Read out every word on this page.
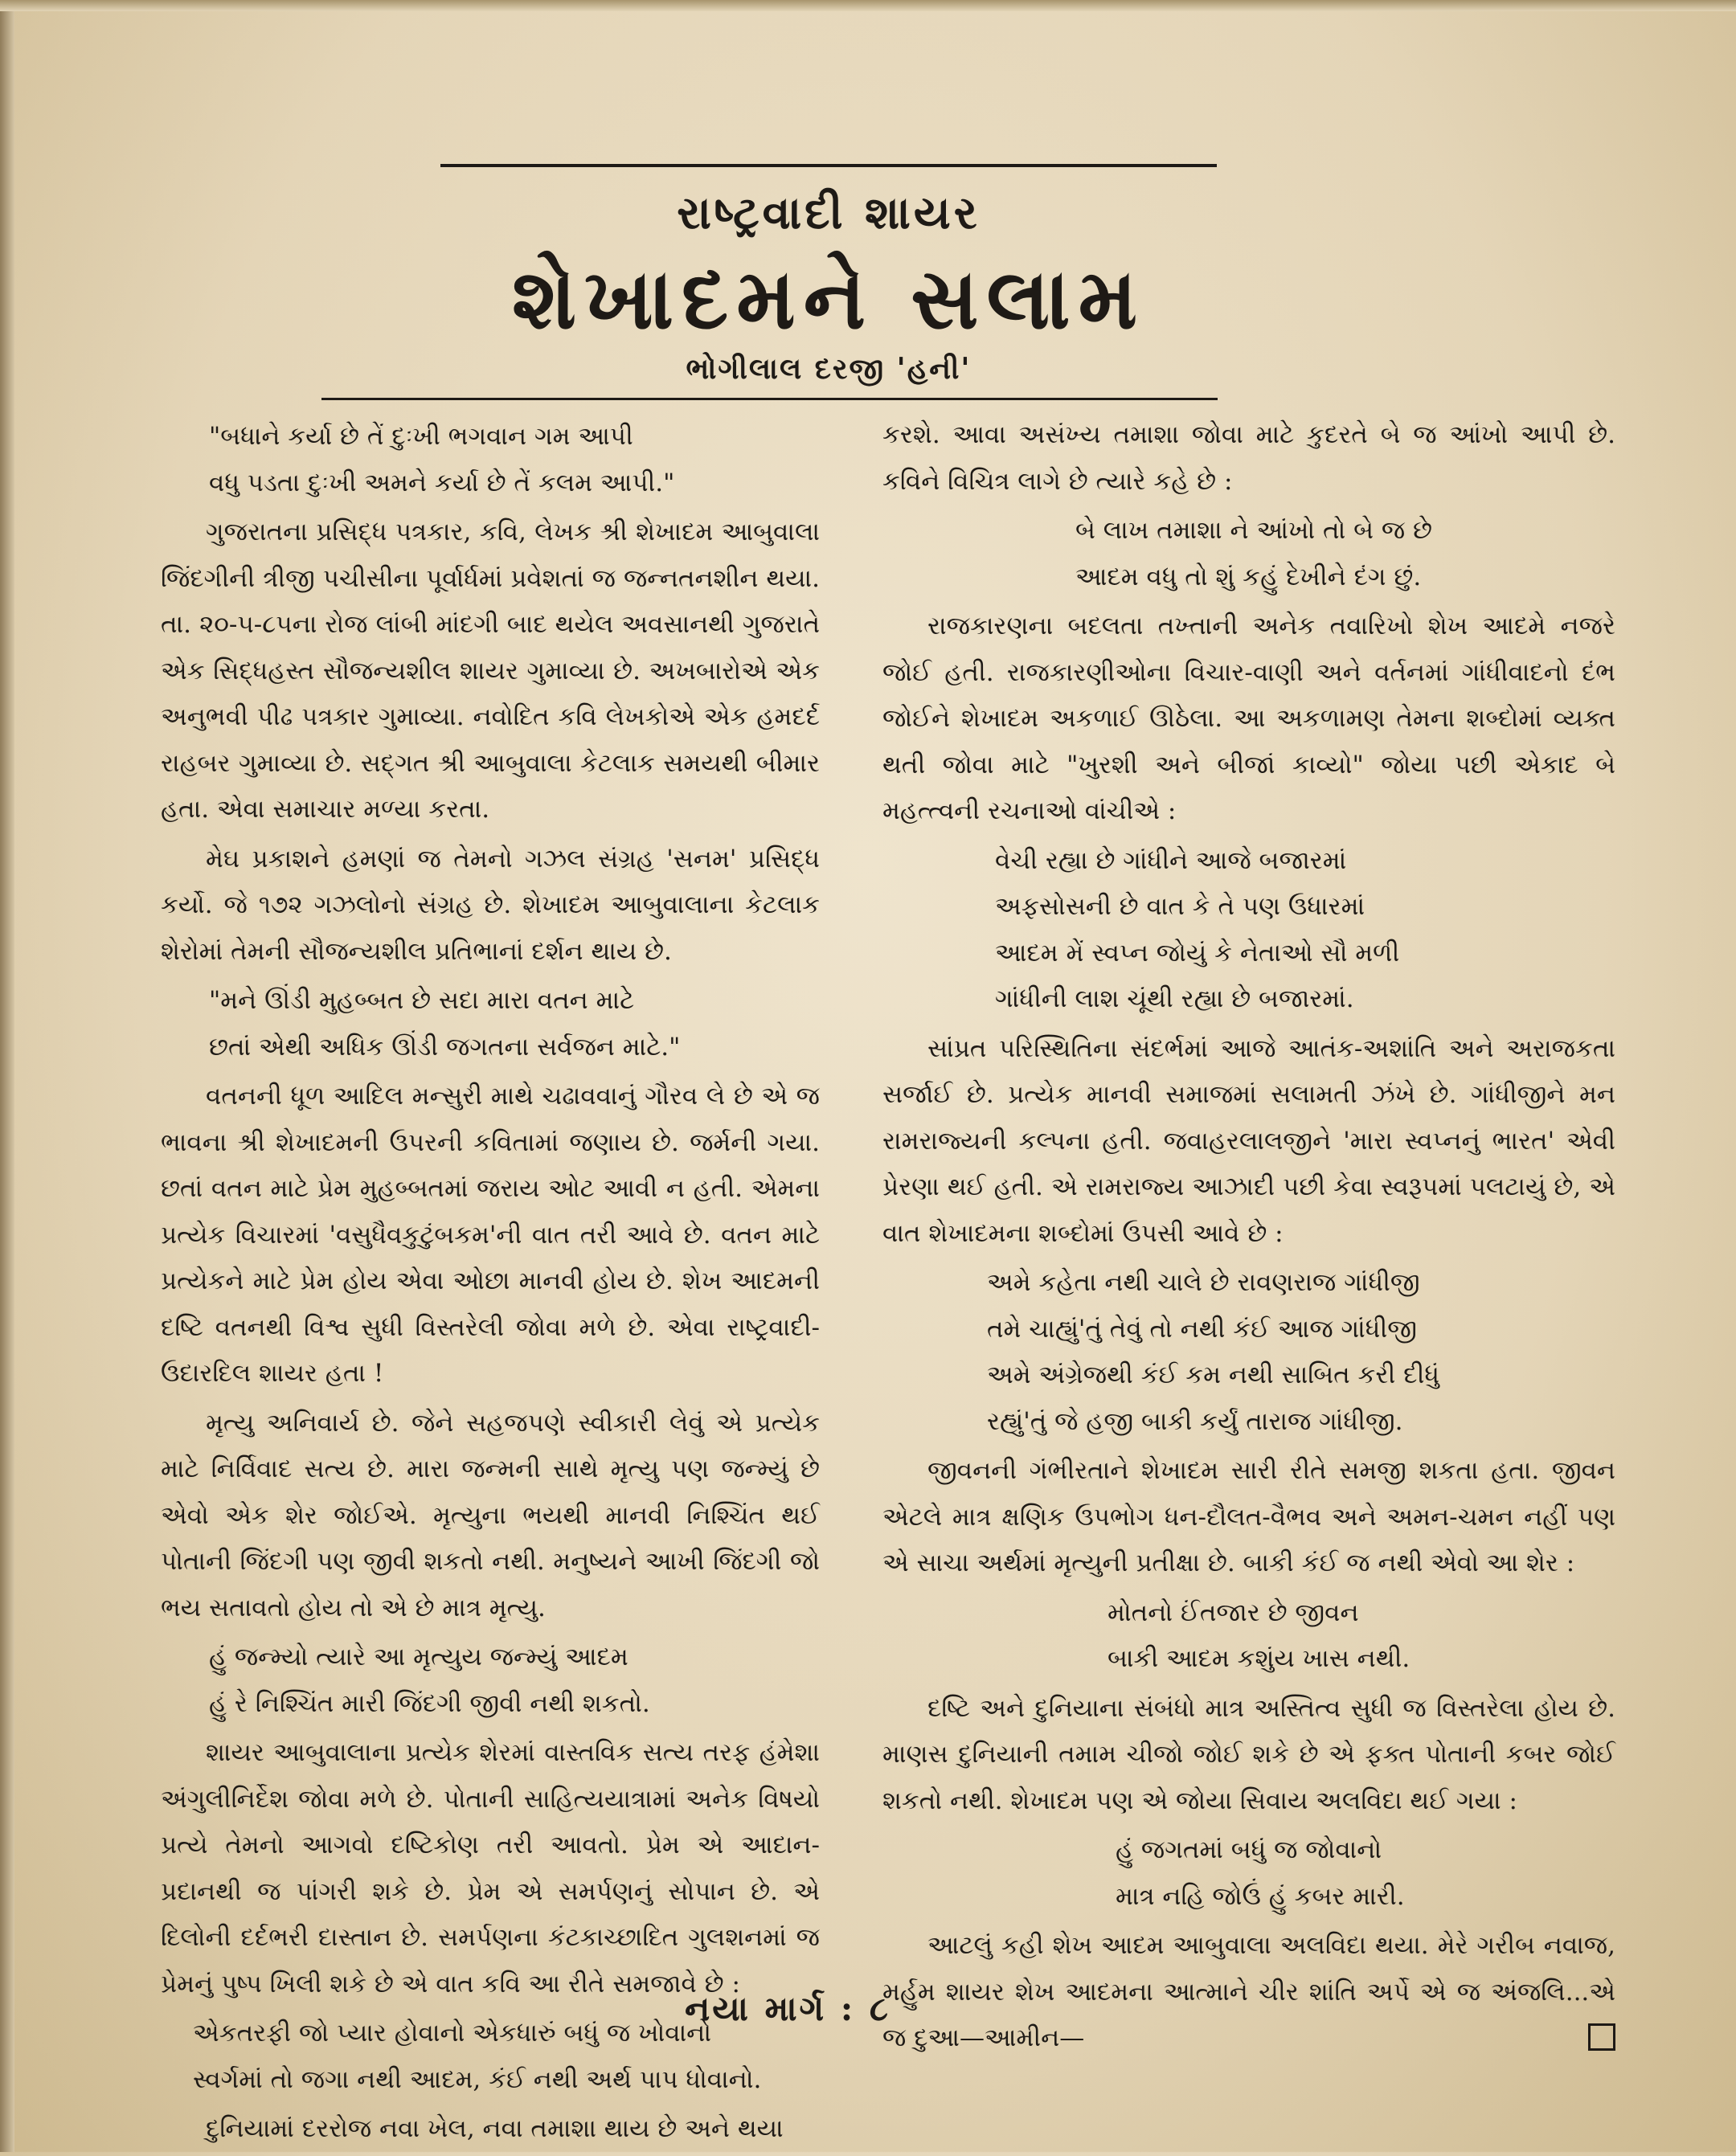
રાષ્ટ્રવાદી શાયર
શેખાદમને સલામ
ભોગીલાલ દરજી 'હની'
"બધાને કર્યા છે તેં દુઃખી ભગવાન ગમ આપી
વધુ પડતા દુઃખી અમને કર્યા છે તેં કલમ આપી."

ગુજરાતના પ્રસિદ્ધ પત્રકાર, કવિ, લેખક શ્રી શેખાદમ આબુવાલા જિંદગીની ત્રીજી પચીસીના પૂર્વાર્ધમાં પ્રવેશતાં જ જન્નતનશીન થયા. તા. ૨૦-૫-૮૫ના રોજ લાંબી માંદગી બાદ થયેલ અવસાનથી ગુજરાતે એક સિદ્ધહસ્ત સૌજન્યશીલ શાયર ગુમાવ્યા છે. અખબારોએ એક અનુભવી પીઢ પત્રકાર ગુમાવ્યા. નવોદિત કવિ લેખકોએ એક હમદર્દ રાહબર ગુમાવ્યા છે. સદ્‌ગત શ્રી આબુવાલા કેટલાક સમયથી બીમાર હતા. એવા સમાચાર મળ્યા કરતા.

મેઘ પ્રકાશને હમણાં જ તેમનો ગઝલ સંગ્રહ 'સનમ' પ્રસિદ્ધ કર્યો. જે ૧૭૨ ગઝલોનો સંગ્રહ છે. શેખાદમ આબુવાલાના કેટલાક શેરોમાં તેમની સૌજન્યશીલ પ્રતિભાનાં દર્શન થાય છે.

"મને ઊંડી મુહબ્બત છે સદા મારા વતન માટે
છતાં એથી અધિક ઊંડી જગતના સર્વજન માટે."

વતનની ધૂળ આદિલ મન્સુરી માથે ચઢાવવાનું ગૌરવ લે છે એ જ ભાવના શ્રી શેખાદમની ઉપરની કવિતામાં જણાય છે. જર્મની ગયા. છતાં વતન માટે પ્રેમ મુહબ્બતમાં જરાય ઓટ આવી ન હતી. એમના પ્રત્યેક વિચારમાં 'વસુધૈવકુટુંબકમ'ની વાત તરી આવે છે. વતન માટે પ્રત્યેકને માટે પ્રેમ હોય એવા ઓછા માનવી હોય છે. શેખ આદમની દષ્ટિ વતનથી વિશ્વ સુધી વિસ્તરેલી જોવા મળે છે. એવા રાષ્ટ્રવાદી-ઉદારદિલ શાયર હતા !

મૃત્યુ અનિવાર્ય છે. જેને સહજપણે સ્વીકારી લેવું એ પ્રત્યેક માટે નિર્વિવાદ સત્ય છે. મારા જન્મની સાથે મૃત્યુ પણ જન્મ્યું છે એવો એક શેર જોઈએ. મૃત્યુના ભયથી માનવી નિશ્ચિંત થઈ પોતાની જિંદગી પણ જીવી શકતો નથી. મનુષ્યને આખી જિંદગી જો ભય સતાવતો હોય તો એ છે માત્ર મૃત્યુ.

હું જન્મ્યો ત્યારે આ મૃત્યુય જન્મ્યું આદમ
હું રે નિશ્ચિંત મારી જિંદગી જીવી નથી શકતો.

શાયર આબુવાલાના પ્રત્યેક શેરમાં વાસ્તવિક સત્ય તરફ હંમેશા અંગુલીનિર્દેશ જોવા મળે છે. પોતાની સાહિત્યયાત્રામાં અનેક વિષયો પ્રત્યે તેમનો આગવો દષ્ટિકોણ તરી આવતો. પ્રેમ એ આદાન-પ્રદાનથી જ પાંગરી શકે છે. પ્રેમ એ સમર્પણનું સોપાન છે. એ દિલોની દર્દભરી દાસ્તાન છે. સમર્પણના કંટકાચ્છાદિત ગુલશનમાં જ પ્રેમનું પુષ્પ ખિલી શકે છે એ વાત કવિ આ રીતે સમજાવે છે :

એકતરફી જો પ્યાર હોવાનો એકધારું બધું જ ખોવાનો
સ્વર્ગમાં તો જગા નથી આદમ, કંઈ નથી અર્થ પાપ ધોવાનો.

દુનિયામાં દરરોજ નવા ખેલ, નવા તમાશા થાય છે અને થયા

કરશે. આવા અસંખ્ય તમાશા જોવા માટે કુદરતે બે જ આંખો આપી છે. કવિને વિચિત્ર લાગે છે ત્યારે કહે છે :

બે લાખ તમાશા ને આંખો તો બે જ છે
આદમ વધુ તો શું કહું દેખીને દંગ છું.

રાજકારણના બદલતા તખ્તાની અનેક તવારિખો શેખ આદમે નજરે જોઈ હતી. રાજકારણીઓના વિચાર-વાણી અને વર્તનમાં ગાંધીવાદનો દંભ જોઈને શેખાદમ અકળાઈ ઊઠેલા. આ અકળામણ તેમના શબ્દોમાં વ્યક્ત થતી જોવા માટે "ખુરશી અને બીજાં કાવ્યો" જોયા પછી એકાદ બે મહત્ત્વની રચનાઓ વાંચીએ :

વેચી રહ્યા છે ગાંધીને આજે બજારમાં
અફસોસની છે વાત કે તે પણ ઉધારમાં
આદમ મેં સ્વપ્ન જોયું કે નેતાઓ સૌ મળી
ગાંધીની લાશ ચૂંથી રહ્યા છે બજારમાં.

સાંપ્રત પરિસ્થિતિના સંદર્ભમાં આજે આતંક-અશાંતિ અને અરાજકતા સર્જાઈ છે. પ્રત્યેક માનવી સમાજમાં સલામતી ઝંખે છે. ગાંધીજીને મન રામરાજ્યની કલ્પના હતી. જવાહરલાલજીને 'મારા સ્વપ્નનું ભારત' એવી પ્રેરણા થઈ હતી. એ રામરાજ્ય આઝાદી પછી કેવા સ્વરૂપમાં પલટાયું છે, એ વાત શેખાદમના શબ્દોમાં ઉપસી આવે છે :

અમે કહેતા નથી ચાલે છે રાવણરાજ ગાંધીજી
તમે ચાહ્યું'તું તેવું તો નથી કંઈ આજ ગાંધીજી
અમે અંગ્રેજથી કંઈ કમ નથી સાબિત કરી દીધું
રહ્યું'તું જે હજી બાકી કર્યું તારાજ ગાંધીજી.

જીવનની ગંભીરતાને શેખાદમ સારી રીતે સમજી શકતા હતા. જીવન એટલે માત્ર ક્ષણિક ઉપભોગ ધન-દૌલત-વૈભવ અને અમન-ચમન નહીં પણ એ સાચા અર્થમાં મૃત્યુની પ્રતીક્ષા છે. બાકી કંઈ જ નથી એવો આ શેર :

મોતનો ઈંતજાર છે જીવન
બાકી આદમ કશુંય ખાસ નથી.

દષ્ટિ અને દુનિયાના સંબંધો માત્ર અસ્તિત્વ સુધી જ વિસ્તરેલા હોય છે. માણસ દુનિયાની તમામ ચીજો જોઈ શકે છે એ ફક્ત પોતાની કબર જોઈ શકતો નથી. શેખાદમ પણ એ જોયા સિવાય અલવિદા થઈ ગયા :

હું જગતમાં બધું જ જોવાનો
માત્ર નહિ જોઉં હું કબર મારી.

આટલું કહી શેખ આદમ આબુવાલા અલવિદા થયા. મેરે ગરીબ નવાજ, મર્હુમ શાયર શેખ આદમના આત્માને ચીર શાંતિ અર્પે એ જ અંજલિ...એ જ દુઆ—આમીન—

નયા માર્ગ : ૮
